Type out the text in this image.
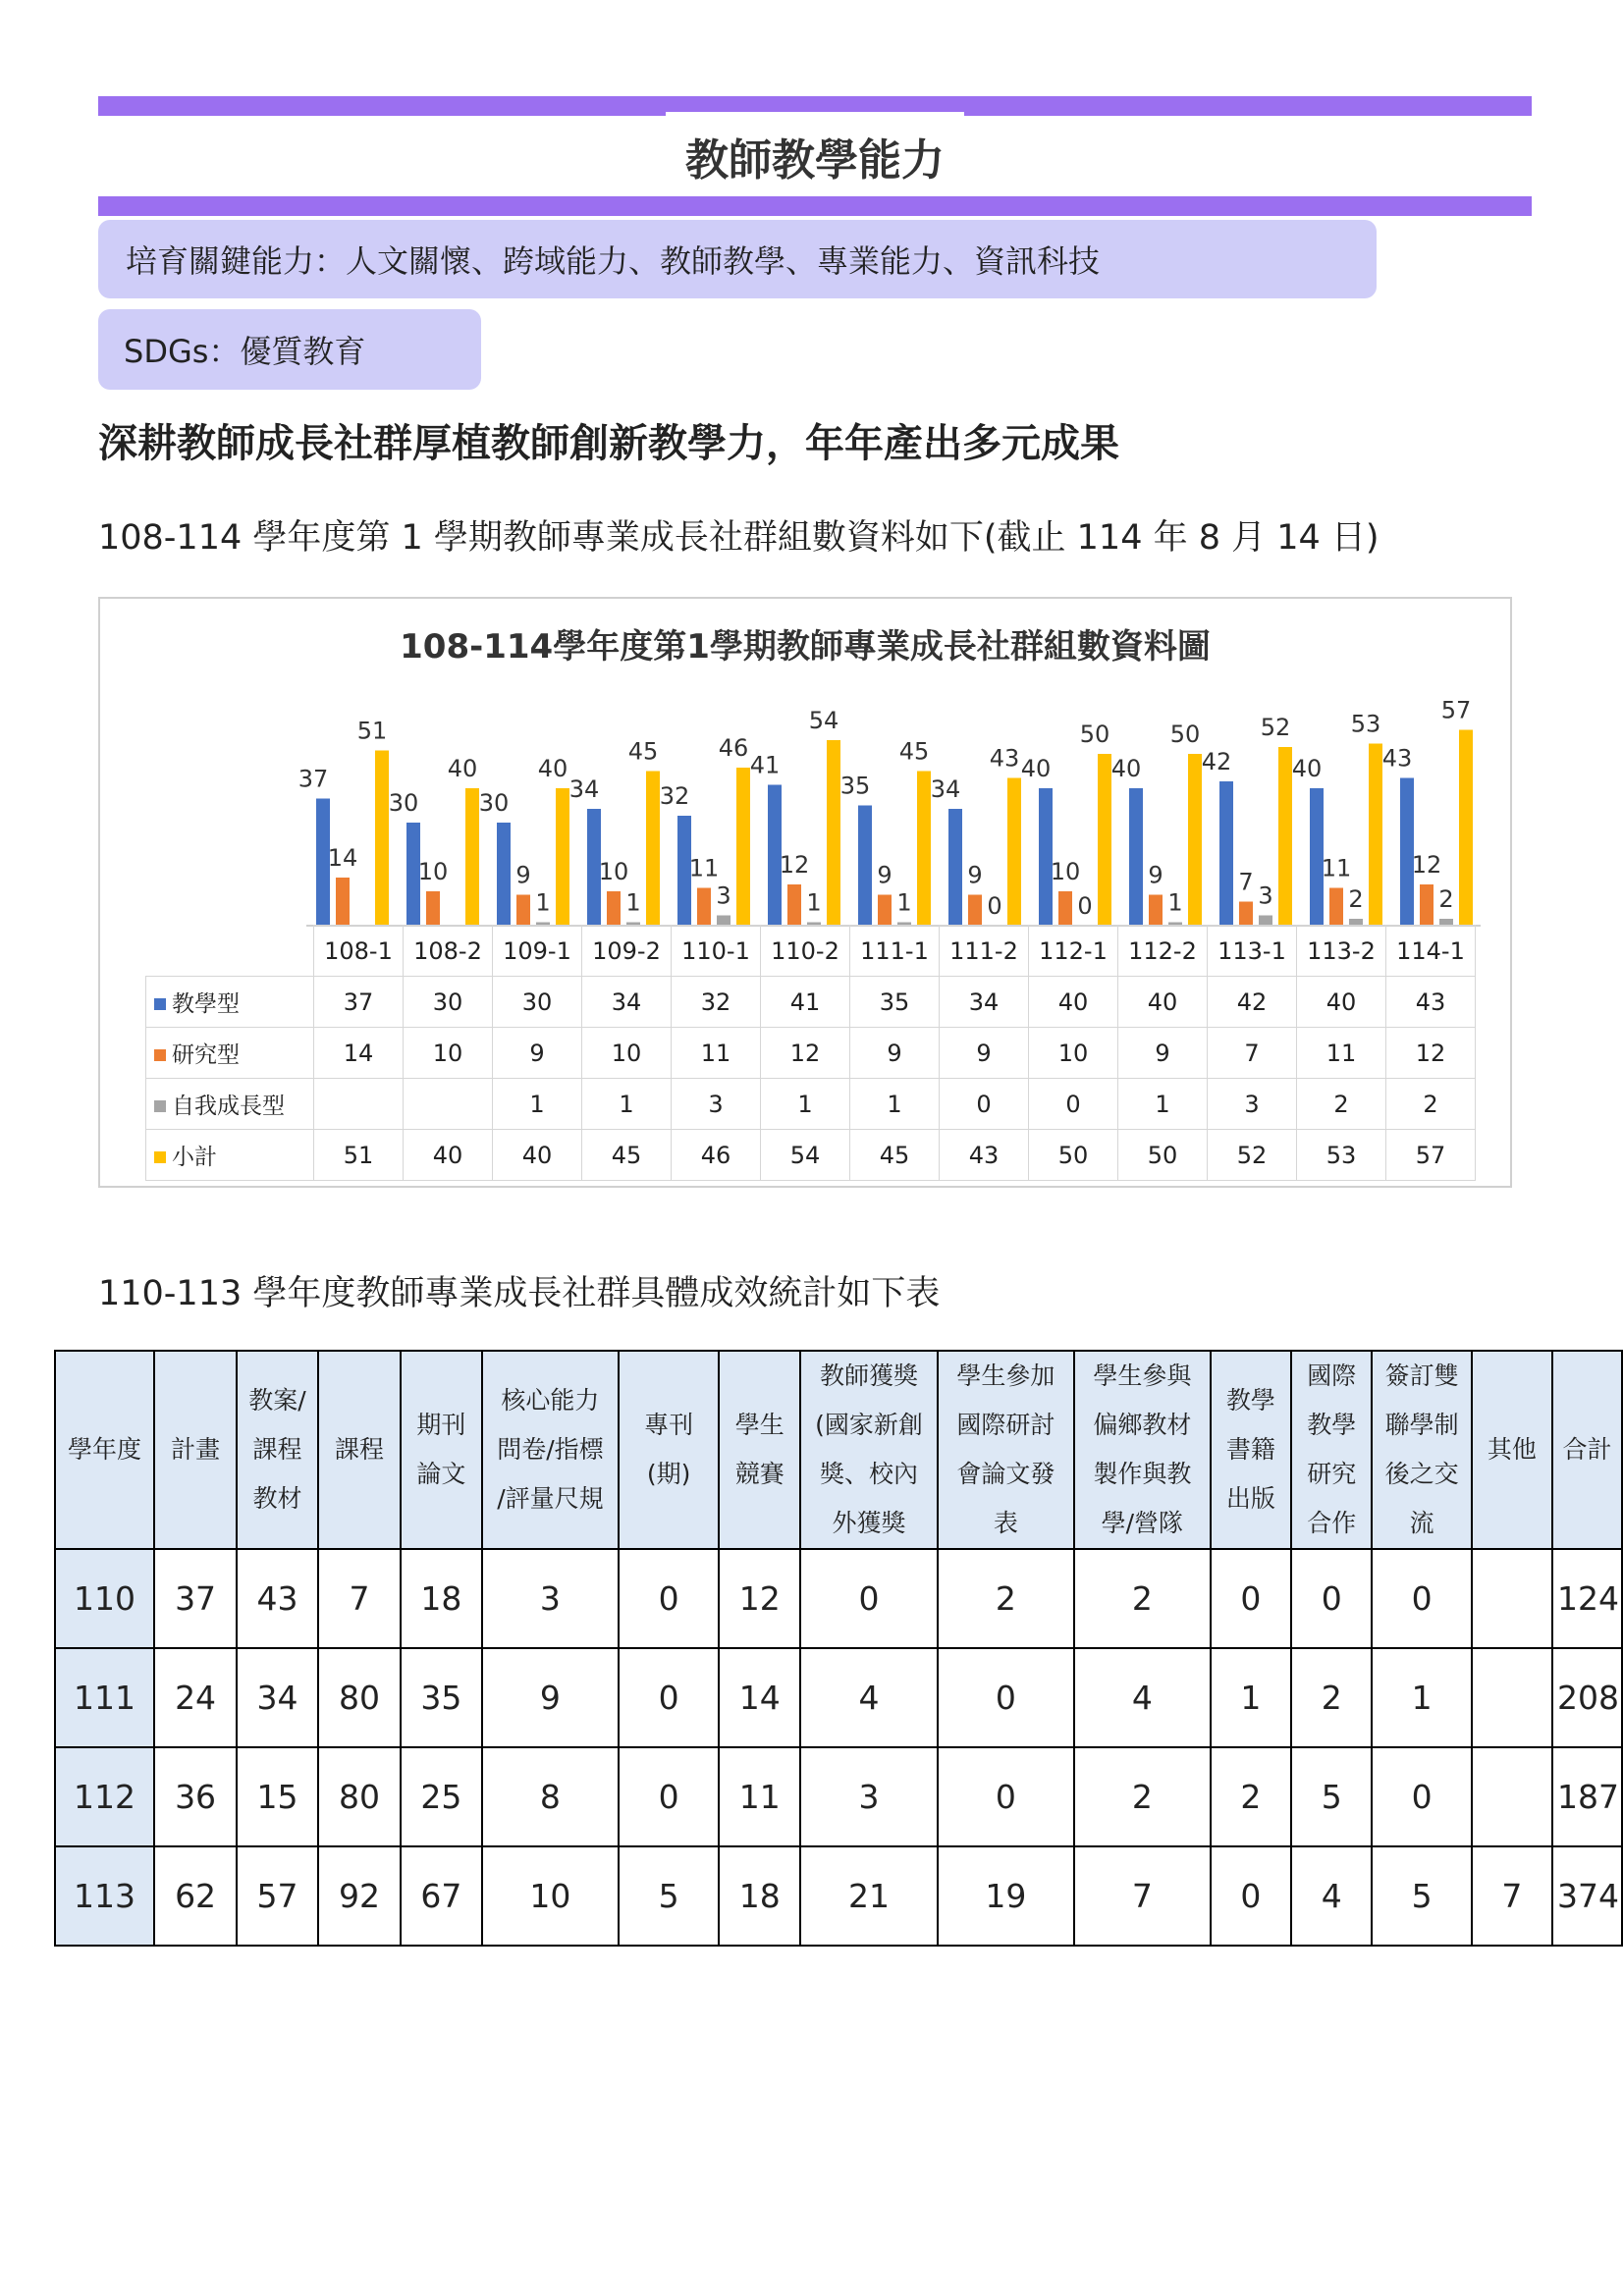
教師教學能力
培育關鍵能力：人文關懷、跨域能力、教師教學、專業能力、資訊科技
SDGs：優質教育
深耕教師成長社群厚植教師創新教學力，年年產出多元成果
108-114 學年度第 1 學期教師專業成長社群組數資料如下(截止 114 年 8 月 14 日)
108-114學年度第1學期教師專業成長社群組數資料圖
37
14
51
30
10
40
30
9
1
40
34
10
1
45
32
11
3
46
41
12
1
54
35
9
1
45
34
9
0
43 40
10
0
50
40
9
1
50
42
7 3
52
40
11
2
53
43
12
2
57
	108-1	108-2	109-1	109-2	110-1	110-2	111-1	111-2	112-1	112-2	113-1	113-2	114-1
教學型	37	30	30	34	32	41	35	34	40	40	42	40	43
研究型	14	10	9	10	11	12	9	9	10	9	7	11	12
自我成長型			1	1	3	1	1	0	0	1	3	2	2
小計	51	40	40	45	46	54	45	43	50	50	52	53	57
110-113 學年度教師專業成長社群具體成效統計如下表
學年度	計畫	教案/
課程
教材	課程	期刊
論文	核心能力
問卷/指標
/評量尺規	專刊
(期)	學生
競賽	教師獲獎
(國家新創
獎、校內
外獲獎	學生參加
國際研討
會論文發
表	學生參與
偏鄉教材
製作與教
學/營隊	教學
書籍
出版	國際
教學
研究
合作	簽訂雙
聯學制
後之交
流	其他	合計
110	37	43	7	18	3	0	12	0	2	2	0	0	0		124
111	24	34	80	35	9	0	14	4	0	4	1	2	1		208
112	36	15	80	25	8	0	11	3	0	2	2	5	0		187
113	62	57	92	67	10	5	18	21	19	7	0	4	5	7	374
